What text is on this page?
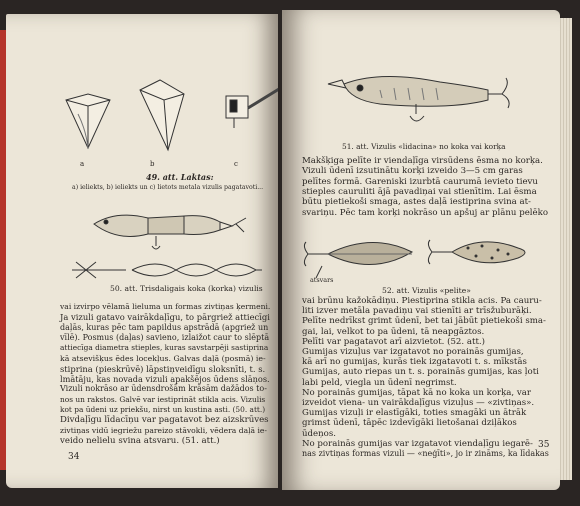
a	b	c
49. att. Laktas:
a) ieliekts, b) ieliekts un c) lietots metala vizulis pagatavoti...
50. att. Trisdaligais koka (korka) vizulis
vai izvirpo vēlamā lieluma un formas zivtiņas ķermeni.
Ja vizuli gatavo vairākdaļīgu, to pārgriež attiecīgi
daļās, kuras pēc tam papildus apstrādā (apgriež un
vīlē). Posmus (daļas) savieno, izlaižot caur to slēptā
attiecīga diametra stieples, kuras savstarpēji sastiprina
kā atsevišķus ēdes locekļus. Galvas daļā (posmā) ie-
stiprina (pieskrūvē) lāpstiņveidīgu sloksnīti, t. s.
lmātāju, kas novada vizuli apakšējos ūdens slāņos.
Vizuli nokrāso ar ūdensdrošām krāsām dažādos to-
nos un rakstos. Galvē var iestiprināt stikla acis. Vizulis
kot pa ūdeni uz priekšu, nirst un kustina asti. (50. att.)
Divdaļīgu līdacīņu var pagatavot bez aizskrūves
zivtiņas vidū iegriežu pareizo stāvokli, vēdera daļā ie-
veido nelielu svina atsvaru. (51. att.)
34
51. att. Vizulis «lidacina» no koka vai korķa
Makšķiga pelīte ir viendaļīga virsūdens ēsma no korķa.
Vizuli ūdenī izsutinātu korķi izveido 3—5 cm garas
pelītes formā. Gareniski izurbtā caurumā ievieto tievu
stieples cauruliti ājā pavadiņai vai stienītim. Lai ēsma
būtu pietiekoši smaga, astes daļā iestiprina svina at-
svariņu. Pēc tam korķi nokrāso un apšuj ar plānu pelēko
atsvars
52. att. Vizulis «pelite»
vai brūnu kažokādiņu. Piestiprina stikla acis. Pa cauru-
liti izver metāla pavadiņu vai stienīti ar trīsžuburāķi.
Pelīte nedrīkst grimt ūdenī, bet tai jābūt pietiekoši sma-
gai, lai, velkot to pa ūdeni, tā neapgāztos.
Pelīti var pagatavot arī aizvietot. (52. att.)
Gumijas vizuļus var izgatavot no porainās gumijas,
kā arī no gumijas, kurās tiek izgatavoti t. s. mīkstās
Gumijas, auto riepas un t. s. porainās gumijas, kas ļoti
labi peld, viegla un ūdenī negrimst.
No porainās gumijas, tāpat kā no koka un korķa, var
izveidot viena- un vairākdaļīgus vizuļus — «zivtiņas».
Gumijas vizuļi ir elastīgāki, toties smagāki un ātrāk
grimst ūdenī, tāpēc izdevīgāki lietošanai dziļākos
ūdeņos.
No porainās gumijas var izgatavot viendaļīgu iegarē-
nas zivtiņas formas vizuli — «neģīti», jo ir zināms, ka līdakas
35
